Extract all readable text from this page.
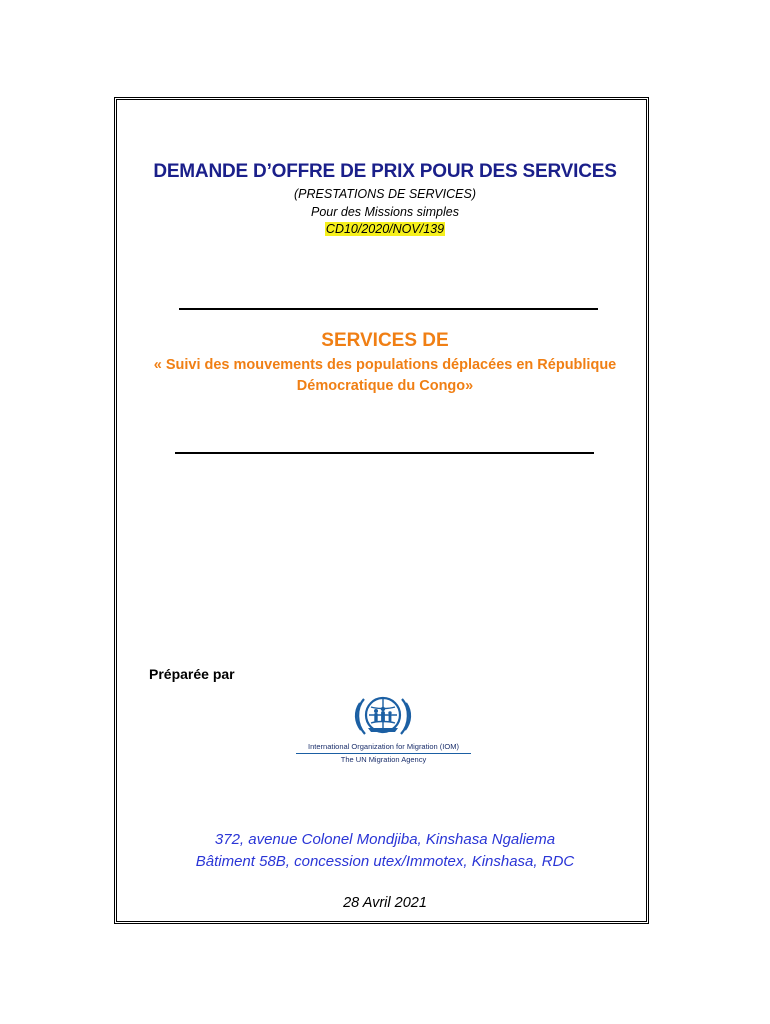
DEMANDE D’OFFRE DE PRIX POUR DES SERVICES
(PRESTATIONS DE SERVICES)
Pour des Missions simples
CD10/2020/NOV/139
SERVICES DE
« Suivi des mouvements des populations déplacées en République Démocratique du Congo»
Préparée par
International Organization for Migration (IOM)
The UN Migration Agency
372, avenue Colonel Mondjiba, Kinshasa Ngaliema
Bâtiment 58B, concession utex/Immotex, Kinshasa, RDC
28 Avril 2021
